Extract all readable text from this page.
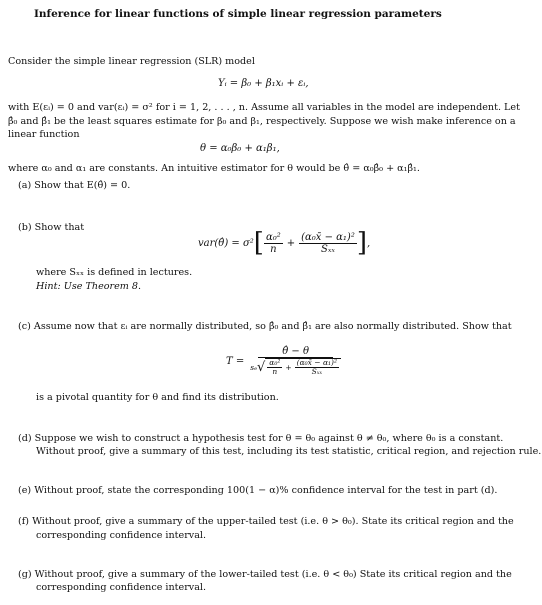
Inference for linear functions of simple linear regression parameters
Consider the simple linear regression (SLR) model
Yᵢ = β₀ + β₁xᵢ + εᵢ,
with E(εᵢ) = 0 and var(εᵢ) = σ² for i = 1, 2, . . . , n. Assume all variables in the model are independent. Let
β̂₀ and β̂₁ be the least squares estimate for β₀ and β₁, respectively. Suppose we wish make inference on a
linear function
θ = α₀β₀ + α₁β₁,
where α₀ and α₁ are constants. An intuitive estimator for θ would be θ̂ = α₀β̂₀ + α₁β̂₁.
(a) Show that E(θ̂) = 0.
(b) Show that
var(θ̂) = σ² [ $\frac{\text{α₀²}}{n} + \frac{\text{(α₀x̄ − α₁)²}}{\text{Sₓₓ}}$ ] ,
where Sₓₓ is defined in lectures.
Hint: Use Theorem 8.
(c) Assume now that εᵢ are normally distributed, so β̂₀ and β̂₁ are also normally distributed. Show that
T =
θ̂ − θ
sₑ √ $\frac{\text{α₀²}}{n} + \frac{\text{(α₀x̄ − α₁)²}}{\text{Sₓₓ}}$
is a pivotal quantity for θ and find its distribution.
(d) Suppose we wish to construct a hypothesis test for θ = θ₀ against θ ≠ θ₀, where θ₀ is a constant.
Without proof, give a summary of this test, including its test statistic, critical region, and rejection rule.
(e) Without proof, state the corresponding 100(1 − α)% confidence interval for the test in part (d).
(f) Without proof, give a summary of the upper-tailed test (i.e. θ > θ₀). State its critical region and the
corresponding confidence interval.
(g) Without proof, give a summary of the lower-tailed test (i.e. θ < θ₀) State its critical region and the
corresponding confidence interval.
